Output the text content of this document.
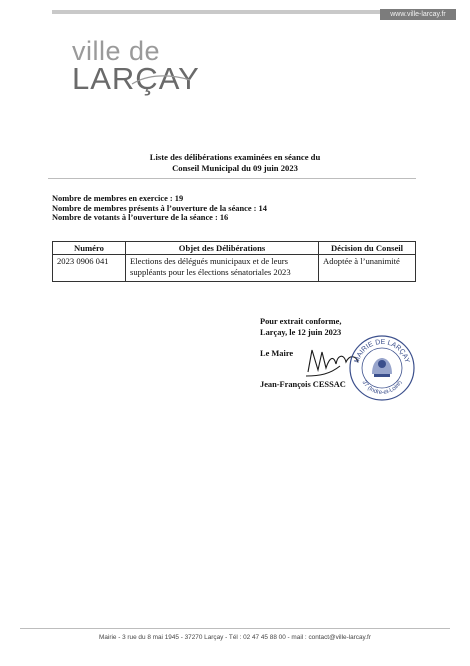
www.ville-larcay.fr
ville de
LARÇAY
Liste des délibérations examinées en séance du
Conseil Municipal du 09 juin 2023
Nombre de membres en exercice : 19
Nombre de membres présents à l’ouverture de la séance : 14
Nombre de votants à l’ouverture de la séance : 16
Numéro	Objet des Délibérations	Décision du Conseil
2023 0906 041	Elections des délégués municipaux et de leurs suppléants pour les élections sénatoriales 2023	Adoptée à l’unanimité
Pour extrait conforme,
Larçay, le 12 juin 2023
Le Maire
Jean-François CESSAC
MAIRIE DE LARÇAY
37 (Indre-et-Loire)
Mairie - 3 rue du 8 mai 1945 - 37270 Larçay - Tél : 02 47 45 88 00 - mail : contact@ville-larcay.fr
